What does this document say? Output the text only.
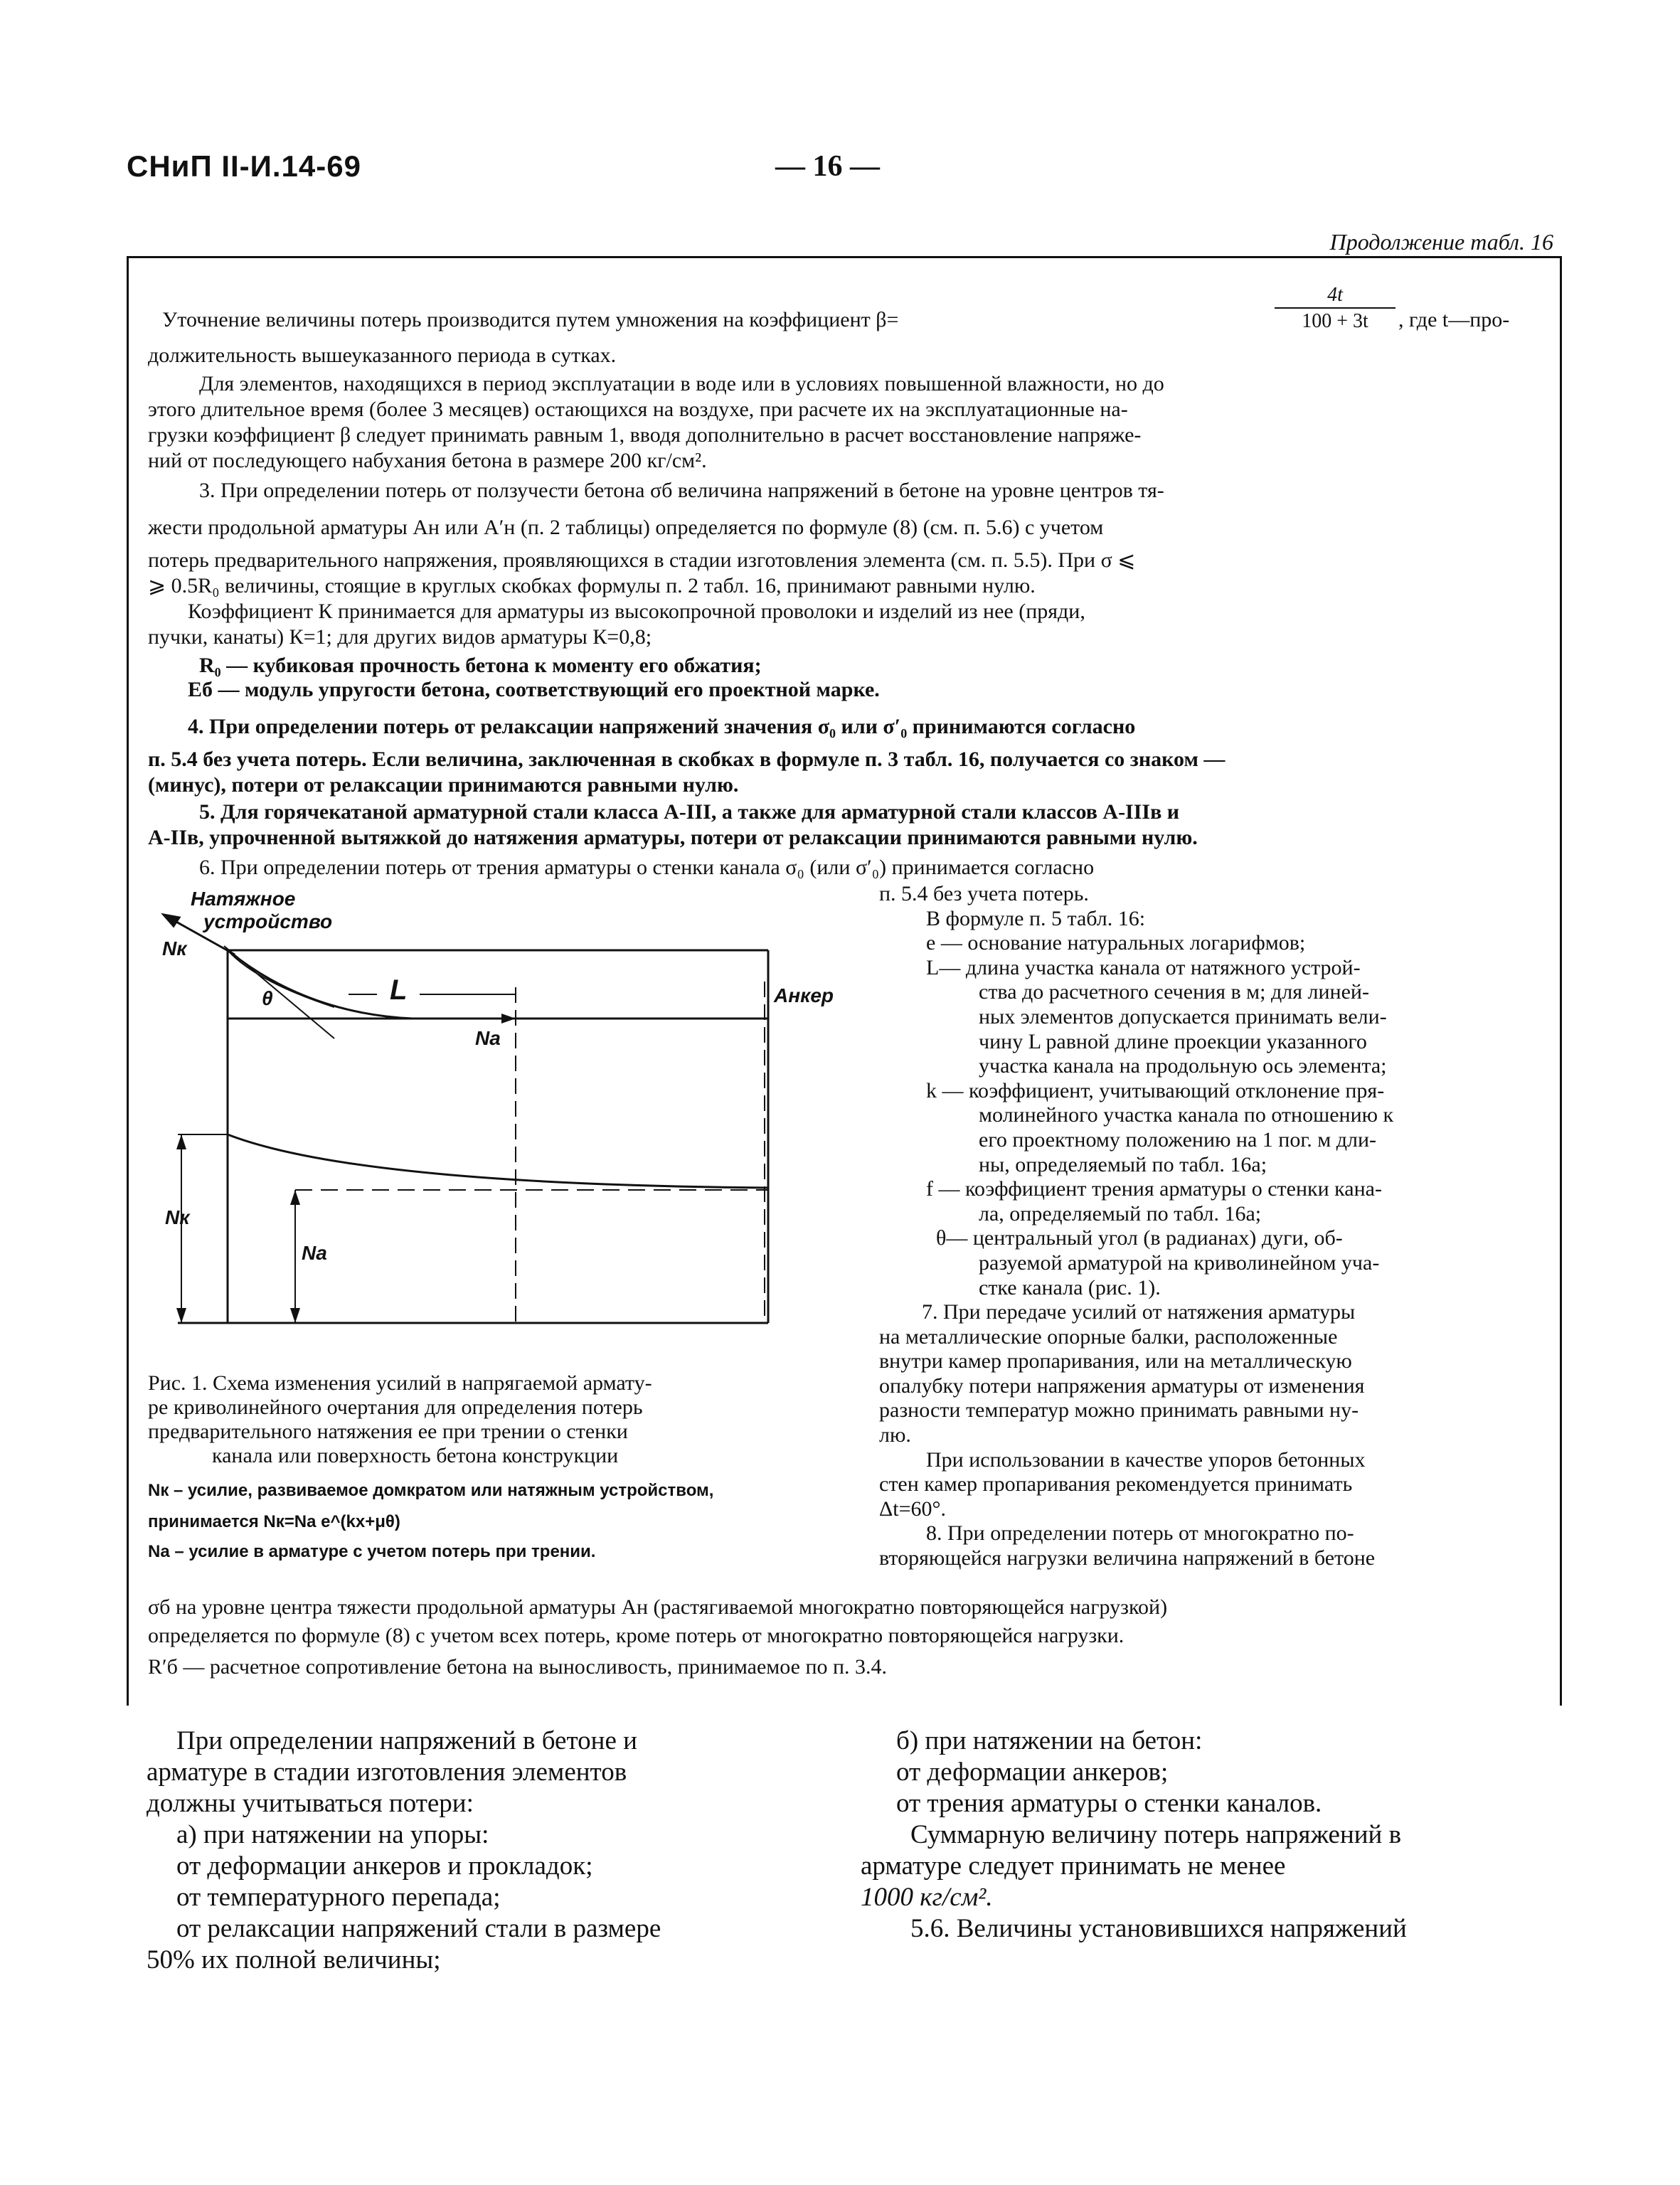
СНиП II-И.14-69	— 16 —
Продолжение табл. 16
Уточнение величины потерь производится путем умножения на коэффициент β=	$\frac{4t}{100 + 3t}$ , где t—про-
должительность вышеуказанного периода в сутках.
Для элементов, находящихся в период эксплуатации в воде или в условиях повышенной влажности, но до
этого длительное время (более 3 месяцев) остающихся на воздухе, при расчете их на эксплуатационные на-
грузки коэффициент β следует принимать равным 1, вводя дополнительно в расчет восстановление напряже-
ний от последующего набухания бетона в размере 200 кг/см².
3. При определении потерь от ползучести бетона σб величина напряжений в бетоне на уровне центров тя-
жести продольной арматуры Ан или А′н (п. 2 таблицы) определяется по формуле (8) (см. п. 5.6) с учетом
потерь предварительного напряжения, проявляющихся в стадии изготовления элемента (см. п. 5.5). При σ ⩽
⩾ 0.5R₀ величины, стоящие в круглых скобках формулы п. 2 табл. 16, принимают равными нулю.
Коэффициент К принимается для арматуры из высокопрочной проволоки и изделий из нее (пряди,
пучки, канаты) К=1; для других видов арматуры К=0,8;
R₀ — кубиковая прочность бетона к моменту его обжатия;
Еб — модуль упругости бетона, соответствующий его проектной марке.
4. При определении потерь от релаксации напряжений значения σ₀ или σ′₀ принимаются согласно
п. 5.4 без учета потерь. Если величина, заключенная в скобках в формуле п. 3 табл. 16, получается со знаком —
(минус), потери от релаксации принимаются равными нулю.
5. Для горячекатаной арматурной стали класса А-III, а также для арматурной стали классов А-IIIв и
А-IIв, упрочненной вытяжкой до натяжения арматуры, потери от релаксации принимаются равными нулю.
6. При определении потерь от трения арматуры о стенки канала σ₀ (или σ′₀) принимается согласно
Натяжное
устройство
Nк
θ	L	Анкер
Nа
Nк
Nа
Рис. 1. Схема изменения усилий в напрягаемой армату-
ре криволинейного очертания для определения потерь
предварительного натяжения ее при трении о стенки
канала или поверхность бетона конструкции
Nк – усилие, развиваемое домкратом или натяжным устройством,
принимается Nк=Nа e^(kx+μθ)
Nа – усилие в арматуре с учетом потерь при трении.
п. 5.4 без учета потерь.
В формуле п. 5 табл. 16:
е — основание натуральных логарифмов;
L— длина участка канала от натяжного устрой-
ства до расчетного сечения в м; для линей-
ных элементов допускается принимать вели-
чину L равной длине проекции указанного
участка канала на продольную ось элемента;
k — коэффициент, учитывающий отклонение пря-
молинейного участка канала по отношению к
его проектному положению на 1 пог. м дли-
ны, определяемый по табл. 16а;
f — коэффициент трения арматуры о стенки кана-
ла, определяемый по табл. 16а;
θ— центральный угол (в радианах) дуги, об-
разуемой арматурой на криволинейном уча-
стке канала (рис. 1).
7. При передаче усилий от натяжения арматуры
на металлические опорные балки, расположенные
внутри камер пропаривания, или на металлическую
опалубку потери напряжения арматуры от изменения
разности температур можно принимать равными ну-
лю.
При использовании в качестве упоров бетонных
стен камер пропаривания рекомендуется принимать
Δt=60°.
8. При определении потерь от многократно по-
вторяющейся нагрузки величина напряжений в бетоне
σб на уровне центра тяжести продольной арматуры Ан (растягиваемой многократно повторяющейся нагрузкой)
определяется по формуле (8) с учетом всех потерь, кроме потерь от многократно повторяющейся нагрузки.
R′б — расчетное сопротивление бетона на выносливость, принимаемое по п. 3.4.
При определении напряжений в бетоне и
арматуре в стадии изготовления элементов
должны учитываться потери:
а) при натяжении на упоры:
от деформации анкеров и прокладок;
от температурного перепада;
от релаксации напряжений стали в размере
50% их полной величины;
б) при натяжении на бетон:
от деформации анкеров;
от трения арматуры о стенки каналов.
Суммарную величину потерь напряжений в
арматуре следует принимать не менее
1000 кг/см².
5.6. Величины установившихся напряжений
